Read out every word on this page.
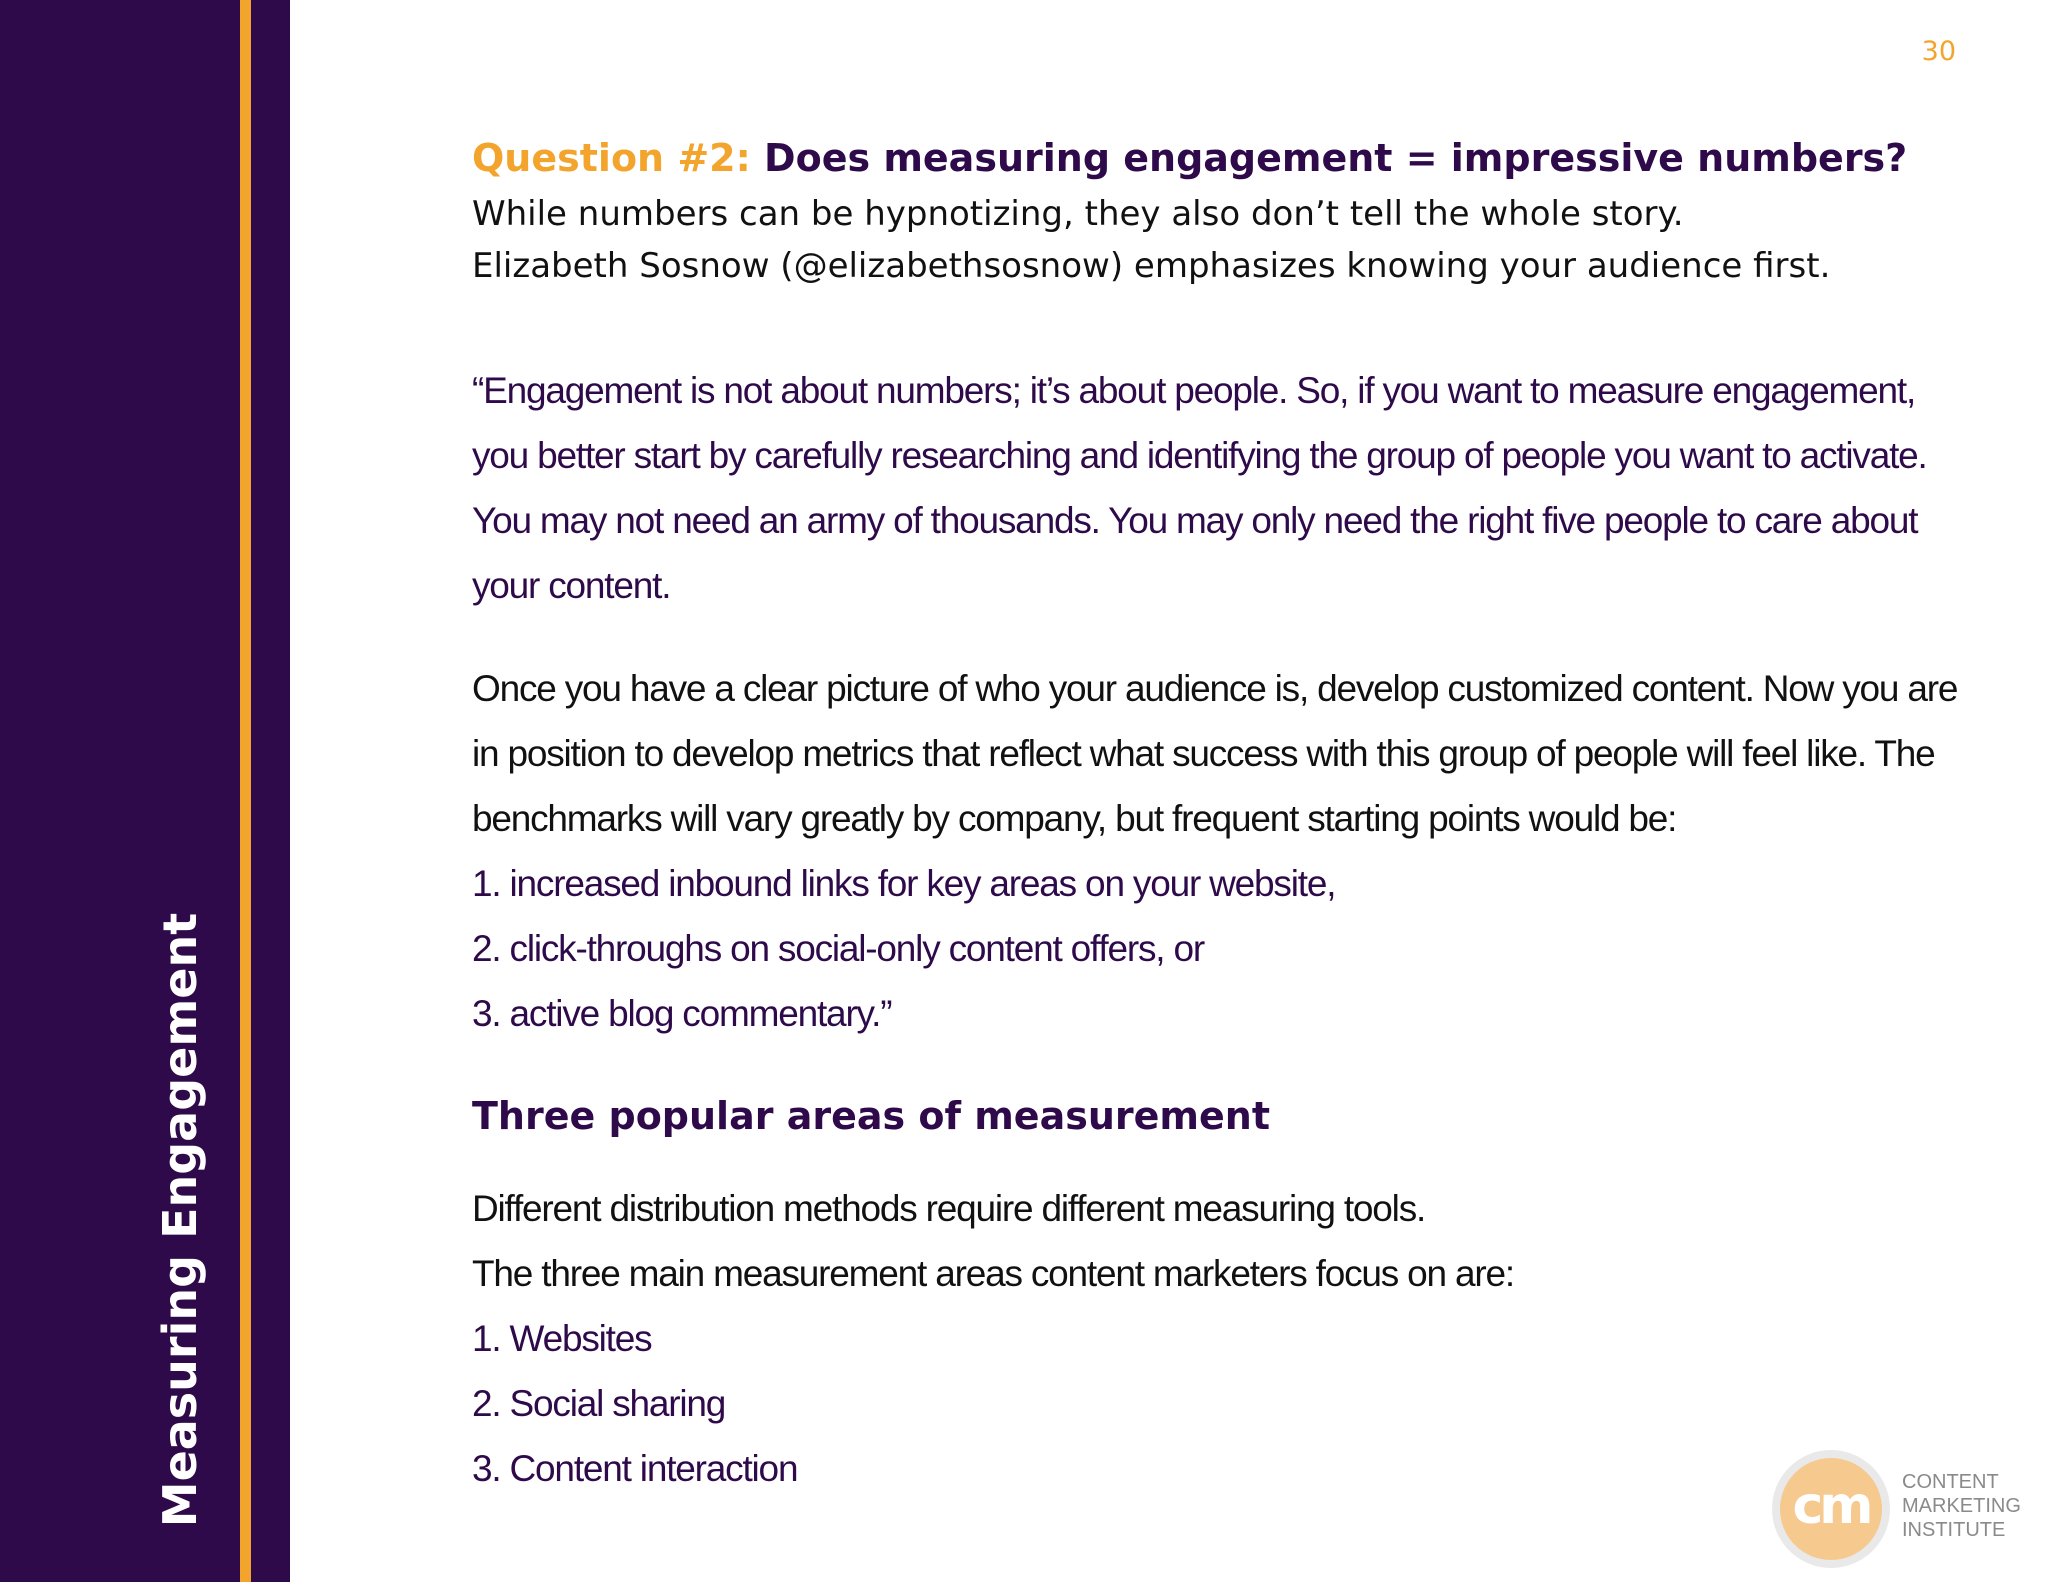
Measuring Engagement
30
Question #2: Does measuring engagement = impressive numbers?

While numbers can be hypnotizing, they also don’t tell the whole story.
Elizabeth Sosnow (@elizabethsosnow) emphasizes knowing your audience first.

“Engagement is not about numbers; it’s about people. So, if you want to measure engagement,
you better start by carefully researching and identifying the group of people you want to activate.
You may not need an army of thousands. You may only need the right five people to care about
your content.
Once you have a clear picture of who your audience is, develop customized content. Now you are
in position to develop metrics that reflect what success with this group of people will feel like. The
benchmarks will vary greatly by company, but frequent starting points would be:
1. increased inbound links for key areas on your website,
2. click-throughs on social-only content offers, or
3. active blog commentary.”
Three popular areas of measurement
Different distribution methods require different measuring tools.
The three main measurement areas content marketers focus on are:
1. Websites
2. Social sharing
3. Content interaction
cm	CONTENT
MARKETING
INSTITUTE
